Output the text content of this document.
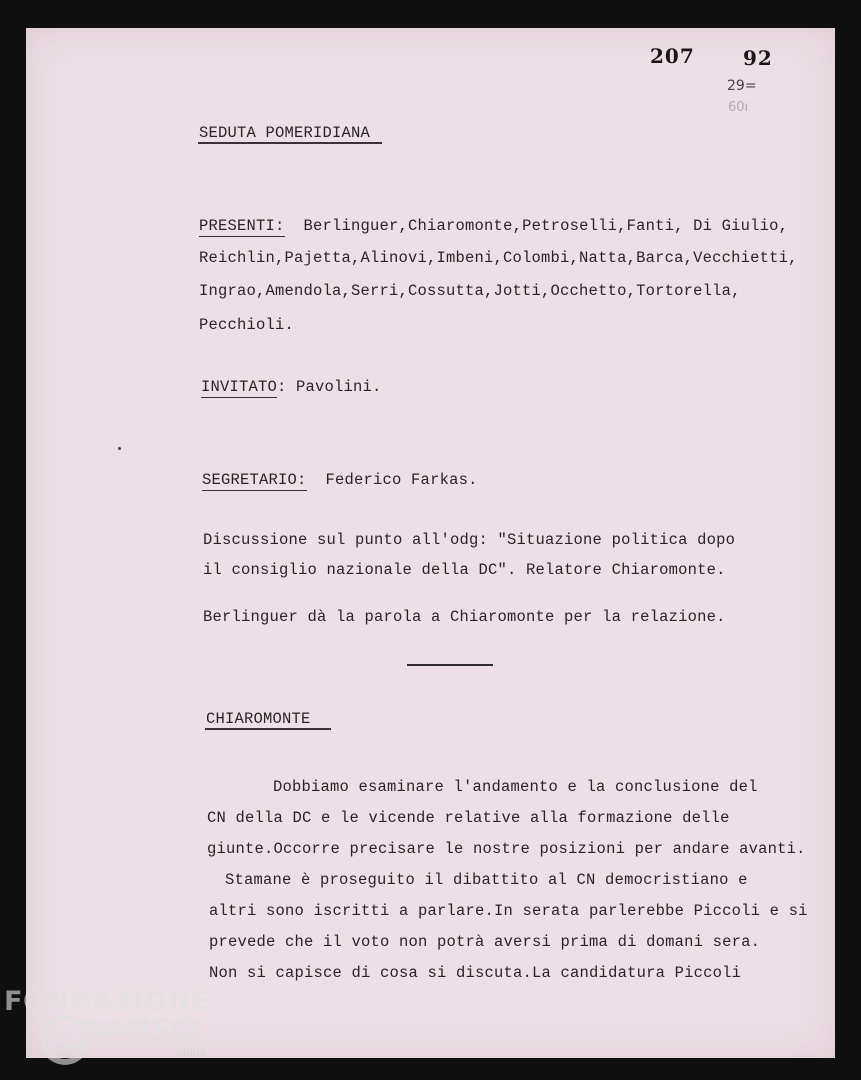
207 92
29=
60ı
SEDUTA POMERIDIANA
PRESENTI: Berlinguer,Chiaromonte,Petroselli,Fanti, Di Giulio,
Reichlin,Pajetta,Alinovi,Imbeni,Colombi,Natta,Barca,Vecchietti,
Ingrao,Amendola,Serri,Cossutta,Jotti,Occhetto,Tortorella,
Pecchioli.
INVITATO: Pavolini.
SEGRETARIO: Federico Farkas.
Discussione sul punto all'odg: "Situazione politica dopo
il consiglio nazionale della DC". Relatore Chiaromonte.
Berlinguer dà la parola a Chiaromonte per la relazione.
CHIAROMONTE
Dobbiamo esaminare l'andamento e la conclusione del
CN della DC e le vicende relative alla formazione delle
giunte.Occorre precisare le nostre posizioni per andare avanti.
Stamane è proseguito il dibattito al CN democristiano e
altri sono iscritti a parlare.In serata parlerebbe Piccoli e si
prevede che il voto non potrà aversi prima di domani sera.
Non si capisce di cosa si discuta.La candidatura Piccoli
FONDAZIONE
RAMSCI
onlus
